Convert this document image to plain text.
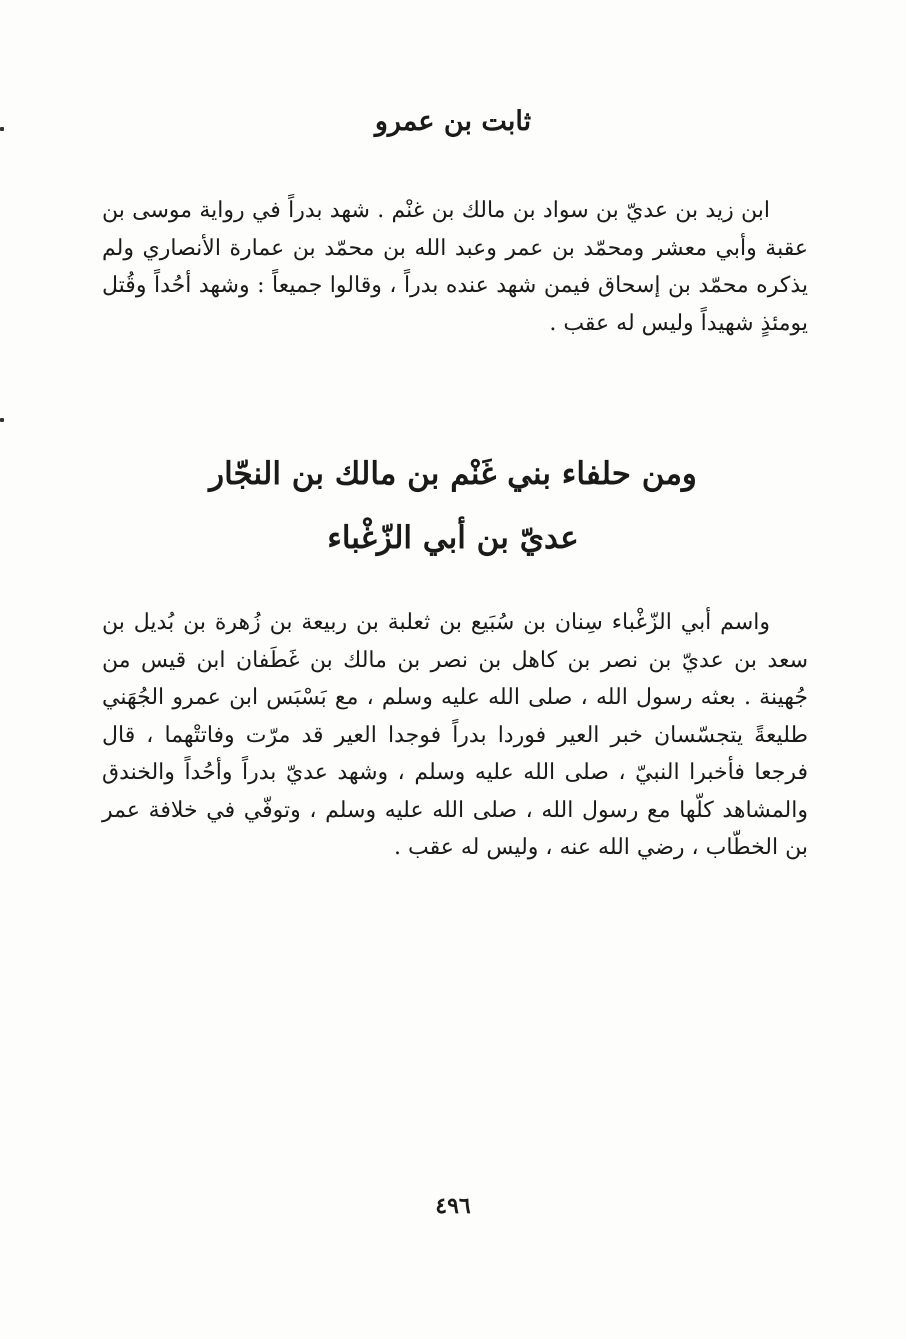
ثابت بن عمرو

ابن زيد بن عديّ بن سواد بن مالك بن غنْم . شهد بدراً في رواية موسى بن عقبة وأبي معشر ومحمّد بن عمر وعبد الله بن محمّد بن عمارة الأنصاري ولم يذكره محمّد بن إسحاق فيمن شهد عنده بدراً ، وقالوا جميعاً : وشهد أحُداً وقُتل يومئذٍ شهيداً وليس له عقب .

ومن حلفاء بني غَنْم بن مالك بن النجّار
عديّ بن أبي الزّغْباء

واسم أبي الزّغْباء سِنان بن سُبَيع بن ثعلبة بن ربيعة بن زُهرة بن بُديل بن سعد بن عديّ بن نصر بن كاهل بن نصر بن مالك بن غَطَفان ابن قيس من جُهينة . بعثه رسول الله ، صلى الله عليه وسلم ، مع بَسْبَس ابن عمرو الجُهَني طليعةً يتجسّسان خبر العير فوردا بدراً فوجدا العير قد مرّت وفاتتْهما ، قال فرجعا فأخبرا النبيّ ، صلى الله عليه وسلم ، وشهد عديّ بدراً وأحُداً والخندق والمشاهد كلّها مع رسول الله ، صلى الله عليه وسلم ، وتوفّي في خلافة عمر بن الخطّاب ، رضي الله عنه ، وليس له عقب .

٤٩٦
